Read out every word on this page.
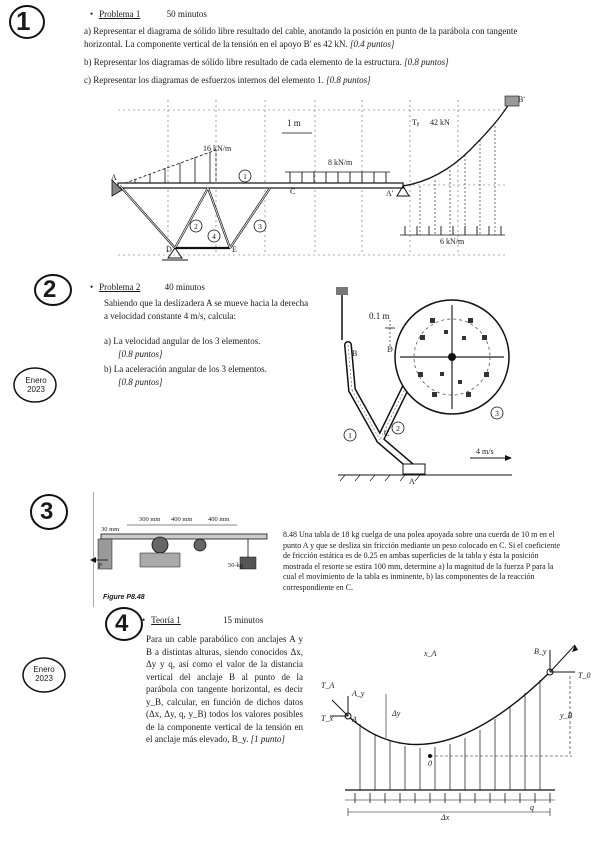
1	• Problema 1	50 minutos
a) Representar el diagrama de sólido libre resultado del cable, anotando la posición en punto de la parábola con tangente horizontal. La componente vertical de la tensión en el apoyo B' es 42 kN. [0.4 puntos]
b) Representar los diagramas de sólido libre resultado de cada elemento de la estructura. [0.8 puntos]
c) Representar los diagramas de esfuerzos internos del elemento 1. [0.8 puntos]
1
2	3
4
1 m
16 kN/m
8 kN/m
6 kN/m
Tᵦ 42 kN
A
D	E
C	A'
B'
2	• Problema 2	40 minutos
Sabiendo que la deslizadera A se mueve hacia la derecha a velocidad constante 4 m/s, calcula:
a) La velocidad angular de los 3 elementos.
[0.8 puntos]
b) La aceleración angular de los 3 elementos.
[0.8 puntos]
Enero
2023
1
2
3
0.1 m
4 m/s
B	D
C
A
3	300 mm 400 mm 400 mm
30 mm
P	50-kg
Figure P8.48
8.48 Una tabla de 18 kg cuelga de una polea apoyada sobre una cuerda de 10 m en el punto A y que se desliza sin fricción mediante un peso colocado en C. Si el coeficiente de fricción estática es de 0.25 en ambas superficies de la tabla y ésta la posición mostrada el resorte se estira 100 mm, determine a) la magnitud de la fuerza P para la cual el movimiento de la tabla es inminente, b) las componentes de la reacción correspondiente en C.
4 • Teoría 1	15 minutos
Para un cable parabólico con anclajes A y B a distintas alturas, siendo conocidos Δx, Δy y q, así como el valor de la distancia vertical del anclaje B al punto de la parábola con tangente horizontal, es decir y_B, calcular, en función de dichos datos (Δx, Δy, q, y_B) todos los valores posibles de la componente vertical de la tensión en el anclaje más elevado, B_y. [1 punto]
Enero
2023
x_A
T_A
A_y
T_x A
Δy
0
B_y
T_0
y_B
Δx
q
